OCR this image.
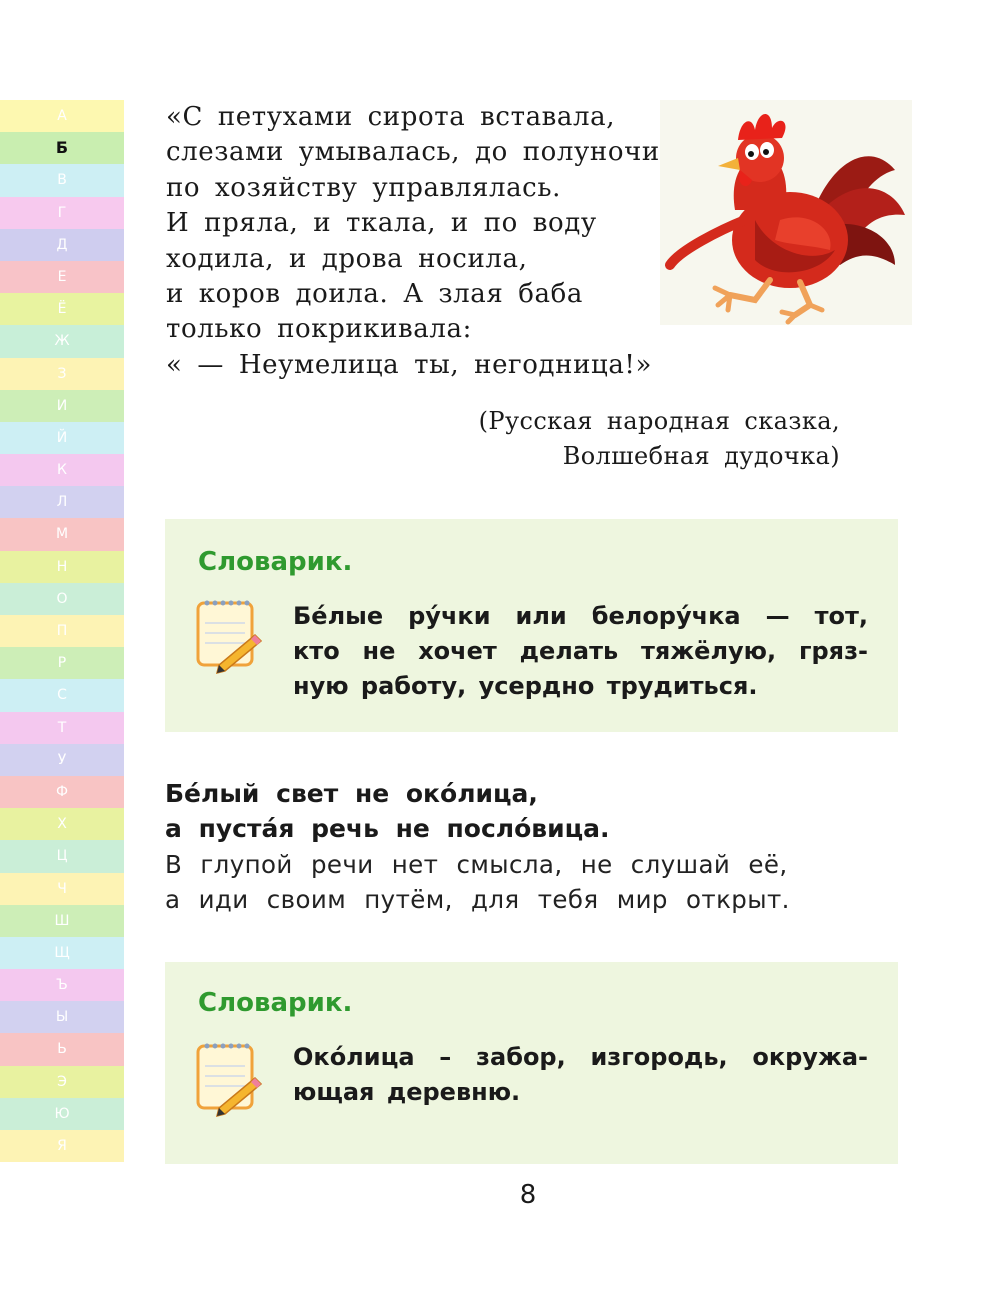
А
Б
В
Г
Д
Е
Ё
Ж
З
И
Й
К
Л
М
Н
О
П
Р
С
Т
У
Ф
Х
Ц
Ч
Ш
Щ
Ъ
Ы
Ь
Э
Ю
Я
«С петухами сирота вставала,
слезами умывалась, до полуночи
по хозяйству управлялась.
И пряла, и ткала, и по воду
ходила, и дрова носила,
и коров доила. А злая баба
только покрикивала:
« — Неумелица ты, негодница!»
(Русская народная сказка,
Волшебная дудочка)
Словарик.
Бе́лые ру́чки или белору́чка — тот,
кто не хочет делать тяжёлую, гряз-
ную работу, усердно трудиться.
Бе́лый свет не око́лица,
а пуста́я речь не посло́вица.
В глупой речи нет смысла, не слушай её,
а иди своим путём, для тебя мир открыт.
Словарик.
Око́лица – забор, изгородь, окружа-
ющая деревню.
8
